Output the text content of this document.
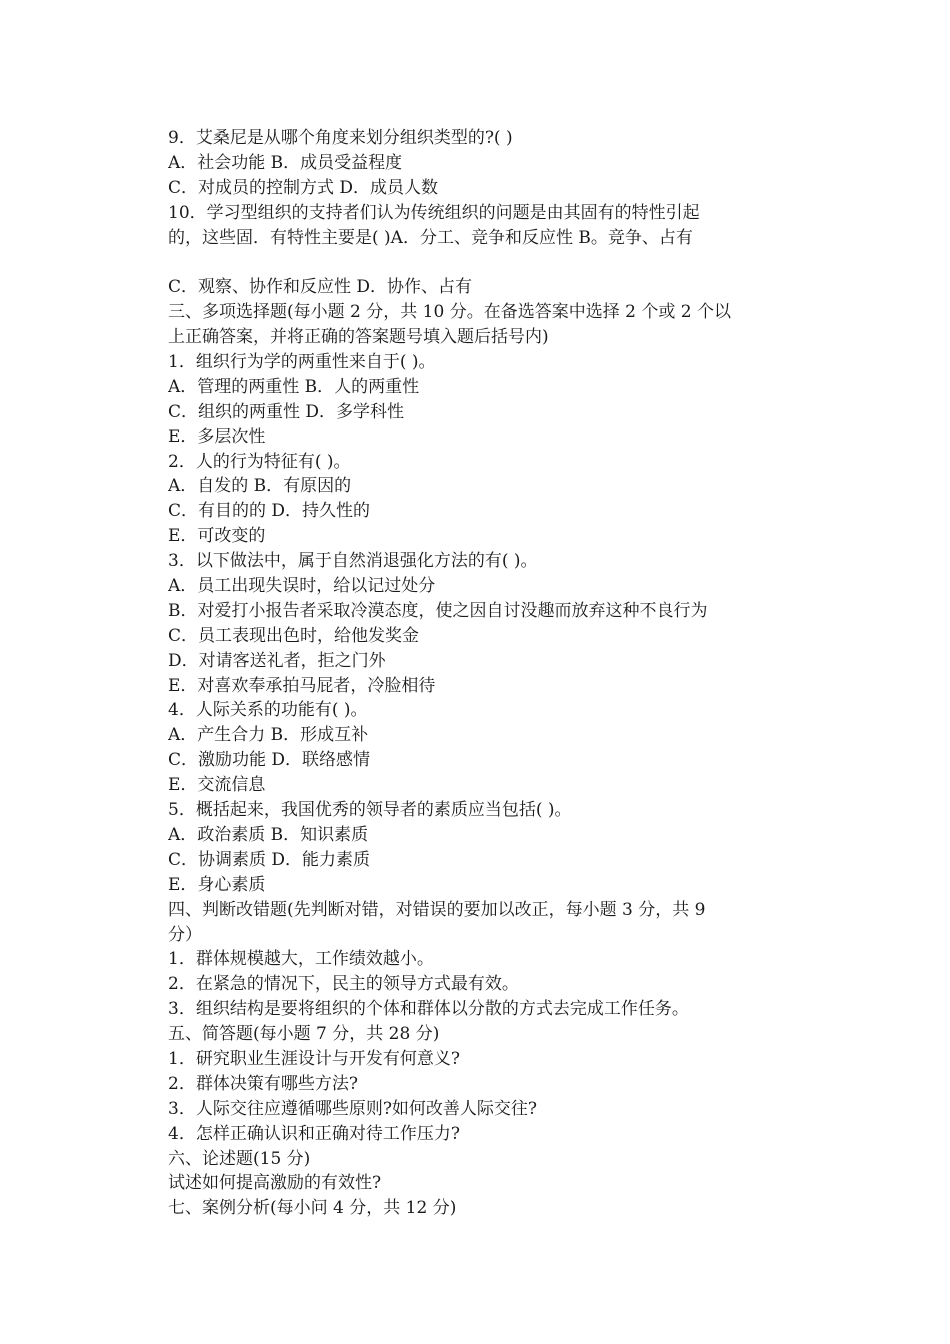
9．艾桑尼是从哪个角度来划分组织类型的?( )
A．社会功能 B．成员受益程度
C．对成员的控制方式 D．成员人数
10．学习型组织的支持者们认为传统组织的问题是由其固有的特性引起
的，这些固．有特性主要是( )A．分工、竞争和反应性 B。竞争、占有
C．观察、协作和反应性 D．协作、占有
三、多项选择题(每小题 2 分，共 10 分。在备选答案中选择 2 个或 2 个以
上正确答案，并将正确的答案题号填入题后括号内)
1．组织行为学的两重性来自于( )。
A．管理的两重性 B．人的两重性
C．组织的两重性 D．多学科性
E．多层次性
2．人的行为特征有( )。
A．自发的 B．有原因的
C．有目的的 D．持久性的
E．可改变的
3．以下做法中，属于自然消退强化方法的有( )。
A．员工出现失误时，给以记过处分
B．对爱打小报告者采取冷漠态度，使之因自讨没趣而放弃这种不良行为
C．员工表现出色时，给他发奖金
D．对请客送礼者，拒之门外
E．对喜欢奉承拍马屁者，冷脸相待
4．人际关系的功能有( )。
A．产生合力 B．形成互补
C．激励功能 D．联络感情
E．交流信息
5．概括起来，我国优秀的领导者的素质应当包括( )。
A．政治素质 B．知识素质
C．协调素质 D．能力素质
E．身心素质
四、判断改错题(先判断对错，对错误的要加以改正，每小题 3 分，共 9
分）
1．群体规模越大，工作绩效越小。
2．在紧急的情况下，民主的领导方式最有效。
3．组织结构是要将组织的个体和群体以分散的方式去完成工作任务。
五、简答题(每小题 7 分，共 28 分)
1．研究职业生涯设计与开发有何意义?
2．群体决策有哪些方法?
3．人际交往应遵循哪些原则?如何改善人际交往?
4．怎样正确认识和正确对待工作压力?
六、论述题(15 分)
试述如何提高激励的有效性?
七、案例分析(每小问 4 分，共 12 分)
